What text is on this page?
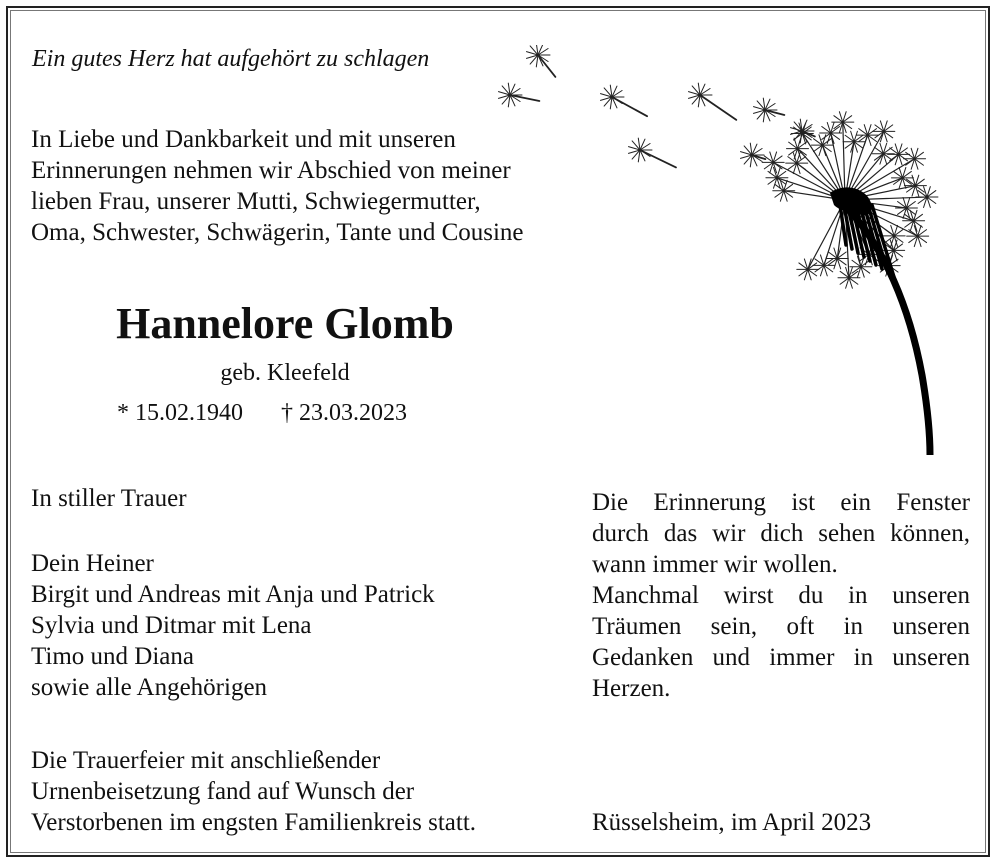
Ein gutes Herz hat aufgehört zu schlagen
In Liebe und Dankbarkeit und mit unseren
Erinnerungen nehmen wir Abschied von meiner
lieben Frau, unserer Mutti, Schwiegermutter,
Oma, Schwester, Schwägerin, Tante und Cousine
Hannelore Glomb
geb. Kleefeld
* 15.02.1940 † 23.03.2023
In stiller Trauer
Dein Heiner
Birgit und Andreas mit Anja und Patrick
Sylvia und Ditmar mit Lena
Timo und Diana
sowie alle Angehörigen
Die Erinnerung ist ein Fenster
durch das wir dich sehen können,
wann immer wir wollen.
Manchmal wirst du in unseren
Träumen sein, oft in unseren
Gedanken und immer in unseren
Herzen.
Die Trauerfeier mit anschließender
Urnenbeisetzung fand auf Wunsch der
Verstorbenen im engsten Familienkreis statt.	Rüsselsheim, im April 2023
